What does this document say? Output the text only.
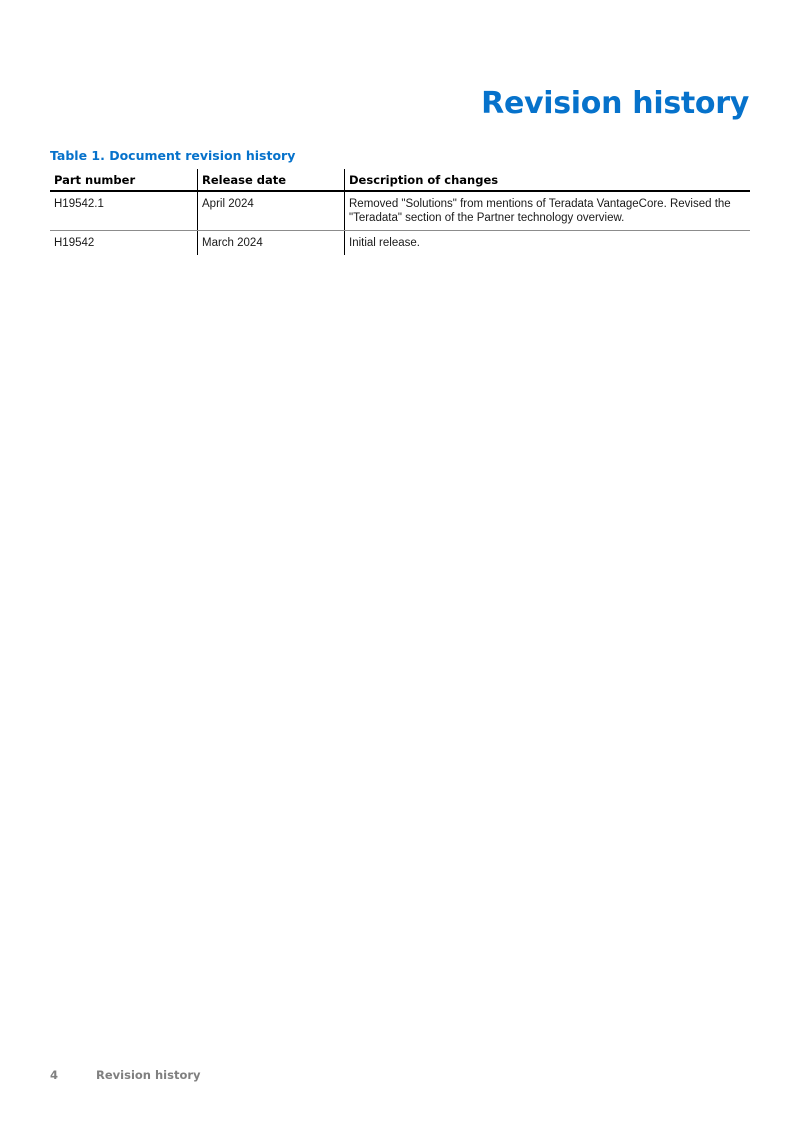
Revision history
Table 1. Document revision history
Part number	Release date	Description of changes
H19542.1	April 2024	Removed "Solutions" from mentions of Teradata VantageCore. Revised the "Teradata" section of the Partner technology overview.
H19542	March 2024	Initial release.
4	Revision history
